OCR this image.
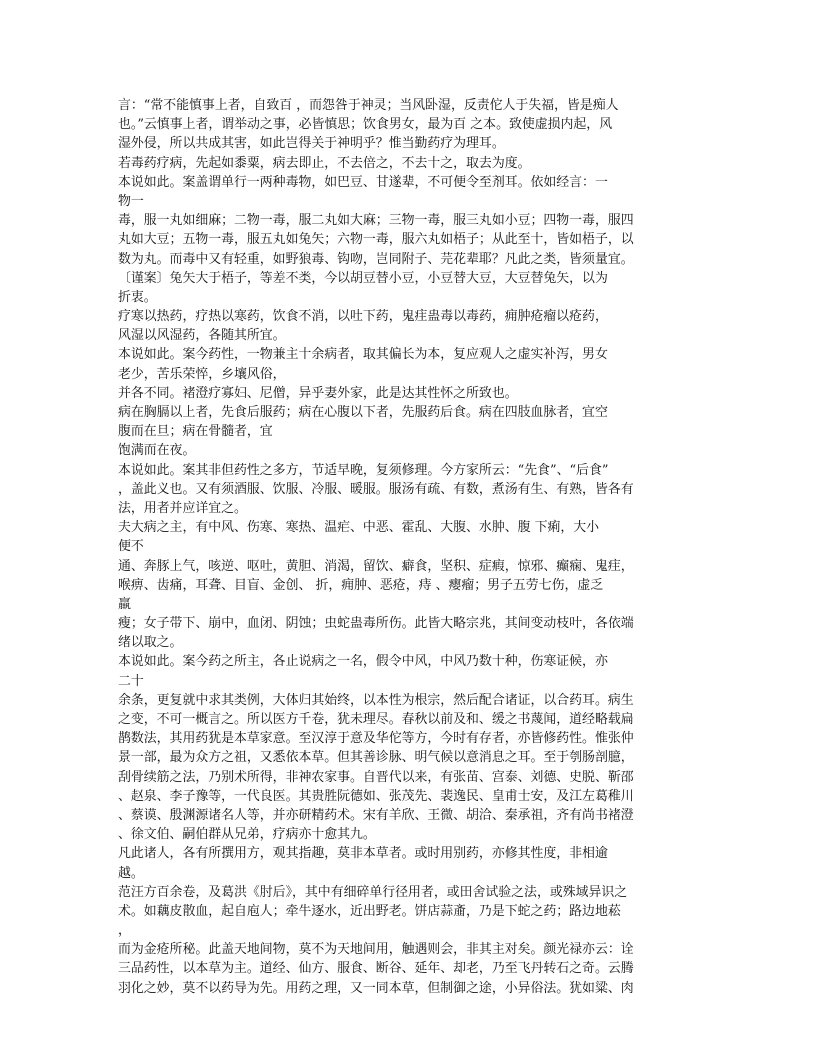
言：“常不能慎事上者，自致百 ，而怨咎于神灵；当风卧湿，反责佗人于失福，皆是痴人
也。”云慎事上者，谓举动之事，必皆慎思；饮食男女，最为百 之本。致使虚损内起，风
湿外侵，所以共成其害，如此岂得关于神明乎？惟当勤药疗为理耳。
若毒药疗病，先起如黍粟，病去即止，不去倍之，不去十之，取去为度。
本说如此。案盖谓单行一两种毒物，如巴豆、甘遂辈，不可便令至剂耳。依如经言：一
物一
毒，服一丸如细麻；二物一毒，服二丸如大麻；三物一毒，服三丸如小豆；四物一毒，服四
丸如大豆；五物一毒，服五丸如兔矢；六物一毒，服六丸如梧子；从此至十，皆如梧子，以
数为丸。而毒中又有轻重，如野狼毒、钩吻，岂同附子、芫花辈耶？凡此之类，皆须量宜。
〔谨案〕兔矢大于梧子，等差不类，今以胡豆替小豆，小豆替大豆，大豆替兔矢，以为
折衷。
疗寒以热药，疗热以寒药，饮食不消，以吐下药，鬼疰蛊毒以毒药，痈肿疮瘤以疮药，
风湿以风湿药，各随其所宜。
本说如此。案今药性，一物兼主十余病者，取其偏长为本，复应观人之虚实补泻，男女
老少，苦乐荣悴，乡壤风俗，
并各不同。褚澄疗寡妇、尼僧，异乎妻外家，此是达其性怀之所致也。
病在胸膈以上者，先食后服药；病在心腹以下者，先服药后食。病在四肢血脉者，宜空
腹而在旦；病在骨髓者，宜
饱满而在夜。
本说如此。案其非但药性之多方，节适早晚，复须修理。今方家所云：“先食”、“后食”
，盖此义也。又有须酒服、饮服、冷服、暖服。服汤有疏、有数，煮汤有生、有熟，皆各有
法，用者并应详宜之。
夫大病之主，有中风、伤寒、寒热、温疟、中恶、霍乱、大腹、水肿、腹 下痢，大小
便不
通、奔豚上气，咳逆、呕吐，黄胆、消渴，留饮、癖食，坚积、症瘕，惊邪、癫痫、鬼疰，
喉痹、齿痛，耳聋、目盲、金创、 折，痈肿、恶疮，痔 、瘿瘤；男子五劳七伤，虚乏
羸
瘦；女子带下、崩中，血闭、阴蚀；虫蛇蛊毒所伤。此皆大略宗兆，其间变动枝叶，各依端
绪以取之。
本说如此。案今药之所主，各止说病之一名，假令中风，中风乃数十种，伤寒证候，亦
二十
余条，更复就中求其类例，大体归其始终，以本性为根宗，然后配合诸证，以合药耳。病生
之变，不可一概言之。所以医方千卷，犹未理尽。春秋以前及和、缓之书蔑闻，道经略载扁
鹊数法，其用药犹是本草家意。至汉淳于意及华佗等方，今时有存者，亦皆修药性。惟张仲
景一部，最为众方之祖，又悉依本草。但其善诊脉、明气候以意消息之耳。至于刳肠剖臆，
刮骨续筋之法，乃别术所得，非神农家事。自晋代以来，有张苗、宫泰、刘德、史脱、靳邵
、赵泉、李子豫等，一代良医。其贵胜阮德如、张茂先、裴逸民、皇甫士安，及江左葛稚川
、蔡谟、殷渊源诸名人等，并亦研精药术。宋有羊欣、王微、胡洽、秦承祖，齐有尚书褚澄
、徐文伯、嗣伯群从兄弟，疗病亦十愈其九。
凡此诸人，各有所撰用方，观其指趣，莫非本草者。或时用别药，亦修其性度，非相逾
越。
范汪方百余卷，及葛洪《肘后》，其中有细碎单行径用者，或田舍试验之法，或殊域异识之
术。如藕皮散血，起自庖人；牵牛逐水，近出野老。饼店蒜齑，乃是下蛇之药；路边地菘
，
而为金疮所秘。此盖天地间物，莫不为天地间用，触遇则会，非其主对矣。颜光禄亦云：诠
三品药性，以本草为主。道经、仙方、服食、断谷、延年、却老，乃至飞丹转石之奇。云腾
羽化之妙，莫不以药导为先。用药之理，又一同本草，但制御之途，小异俗法。犹如粱、肉
